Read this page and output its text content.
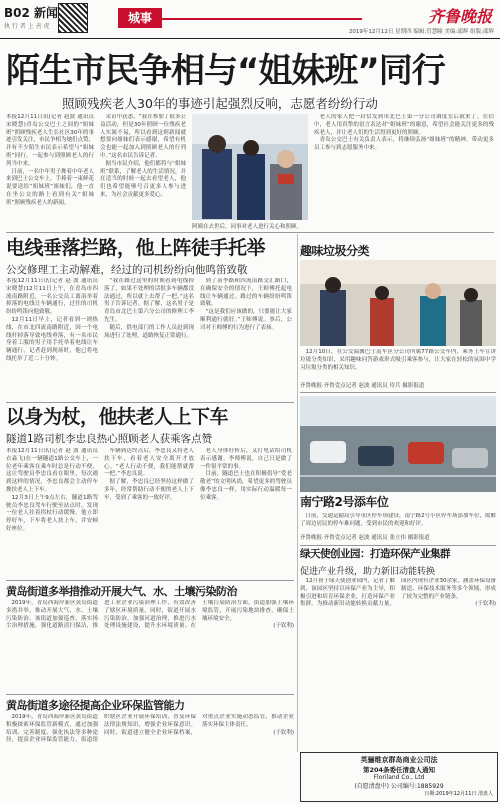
B02 新闻
执 行 者 上 善 虎
城事	齐鲁晚报
2019年12月12日 星期四 编辑:管慧瞳 美编:邵辉 组版:邵辉
陌生市民争相与“姐妹班”同行
照顾残疾老人30年的事迹引起强烈反响，志愿者纷纷行动

本报12月11日讯(记者 赵波 通讯员 宋晓慧)青岛公交巴士之间的“姐妹班”照顾残疾老人生长社区30年的事迹引发关注，市民争相为她们点赞，并有不少陌生市民表示希望与“姐妹班”同行，一起参与到照顾老人的行列当中来。

日前，一名中年男子搀着中年老人来到巴士公交车上，手捧着一束鲜花说要送给“姐妹班”姐妹们，他一直在坐公交的路上看到有关“姐妹班”照顾残疾老人的新闻。

采访中获悉，“我在参加了很多公益活动，但是30年照顾一位残疾老人实属不易，所以看到这则新闻就想要向姐妹们表示感谢，希望有机会也能一起加入到照顾老人的行列中。”这名市民告诉记者。

据当市民介绍，他们都将与“姐妹班”联系，了解老人的生活情况，并在适当的时候一起去看望老人，他们也希望能够号召更多人参与进来，为社会贡献更多爱心。

老人的家人把一封信发到市北巴士第一分公司调度室后就来了。在信中，老人用真挚的语言表达对“姐妹班”的谢意，希望社会能关注更多的残疾老人，并让老人们的生活得到更好的照顾。

青岛公交巴士有关负责人表示，将继续弘扬“姐妹班”的精神，带动更多员工参与到志愿服务中来。

阿姨在去世后，同事对老人进行关心和照顾。
电线垂落拦路，他上阵徒手托举
公交修理工主动解难，经过的司机纷纷向他鸣笛致敬

本报12月11日讯(记者 赵 波 通讯员 宋晓慧)12月11日上午，在青岛市四流南路附近，一名公交员工离南举着掉落的电线让车辆通行，过往的司机纷纷鸣笛向他致敬。

12月11日早上，记者看到一则热线，在市北四流南路附近，因一个电线杆掉落导致电线垂落，有一名市民身着工服的男子用手托举着电线让车辆通行，记者赶到现场时，他已将电线托举了近二十分钟。

“我在路过这里的时候看到电线掉落了，如果不处理的话很多车辆都没法通过，所以就上去帮了一把。”这名男子告诉记者。据了解，这名男子是青岛市北巴士第六分公司的修理工李先生。

随后，供电部门的工作人员赶到现场进行了处理，道路恢复正常通行。

到了南李路和四流南路交汇路口，在确保安全的情况下，王师傅托起电线让车辆通过。路过的车辆纷纷鸣笛致敬。

“这是我们应该做的，只要能让大家顺利通行就好。”王师傅说。事后，公司对王师傅的行为进行了表扬。

以身为杖，他扶老人上下车
隧道1路司机李忠良热心照顾老人获乘客点赞

本报12月11日讯(记者 赵 波 通讯员 衣淼飞)在一辆隧道1路公交车上，一位老年乘客在乘车时总是行动不便，这让驾驶员李忠良看在眼里，每次遇到这样的情况，李忠良都会主动停车搀扶老人上下车。

12月3日上午9点左右，隧道1路驾驶员李忠良驾车行驶至站点时，发现一位老人拄着拐杖行动缓慢。他立即停好车，下车将老人扶上车，并安顿好座位。

车辆到达终点后，李忠良又将老人扶下车，看着老人安全离开才放心。“老人行动不便，我们能帮就帮一把。”李忠良说。

据了解，李忠良已经坚持这样做了多年，经常帮助行动不便的老人上下车，受到了乘客的一致好评。

老人身体好转后，又打电话给司机表示感谢。李师傅说，自己只是做了一件很平常的事。

目前，隧道巴士也在积极倡导“爱老敬老”的文明风尚，希望更多的驾驶员像李忠良一样，用实际行动温暖每一位乘客。

黄岛街道多举措推动开展大气、水、土壤污染防治

2019年，青岛西海岸新区黄岛街道多措并举，推动开展大气、水、土壤污染防治。该街道加强巡查，落实扬尘治理措施，强化道路清扫保洁，推进工业企业污染治理工作，有效改善了辖区环境质量。同时，街道开展水污染防治，加强河道治理，推进污水处理设施建设，提升水环境质量。在土壤污染防治方面，街道加强土壤环境监管，开展污染地块排查，确保土壤环境安全。

(于钦利)

黄岛街道多途径提高企业环保监管能力

2019年，青岛西海岸新区黄岛街道积极探索环保监管新模式，通过加强培训、完善制度、强化执法等多种途径，提高企业环保监管能力。街道组织辖区企业开展环保培训，普及环保法律法规知识，增强企业环保意识。同时，街道建立健全企业环保档案，对重点企业实施动态监管，推动企业落实环保主体责任。

(于钦利)

趣味垃圾分类

12月10日，在公交温馨巴士南车区分公司所属77路公交车内，乘务上车宣讲垃圾分类知识，采用趣味问答游戏形式吸引乘客参与，让大家在轻松的氛围中学习垃圾分类的相关知识。

齐鲁晚报·齐鲁壹点记者 赵波 通讯员 侍兵 摄影报道
南宁路2号添车位

日前，交通运输局引导市区停车场建设，南宁路2号小区停车场添加车位，缓解了周边居民的停车难问题，受到市民的欢迎和好评。

齐鲁晚报·齐鲁壹点记者 赵波 通讯员 张立伟 摄影报道
绿天使创业园：打造环保产业集群
促进产业升级，助力新旧动能转换

12月初于绿天使创业园内，记者了解到，该园区坚持以环保产业为主导，积极引进和培育环保企业，打造环保产业集群，为推动新旧动能转换贡献力量。园区内现有企业30余家，涵盖环保设备制造、环保技术服务等多个领域，形成了较为完整的产业链条。

(于钦利)

英骊维京群岛商业公司法
第204条委任清盘人通知
Floriland Co., Ltd
(自愿清盘中) 公司编号:1885929
日期:2019年12月11日 清盘人
